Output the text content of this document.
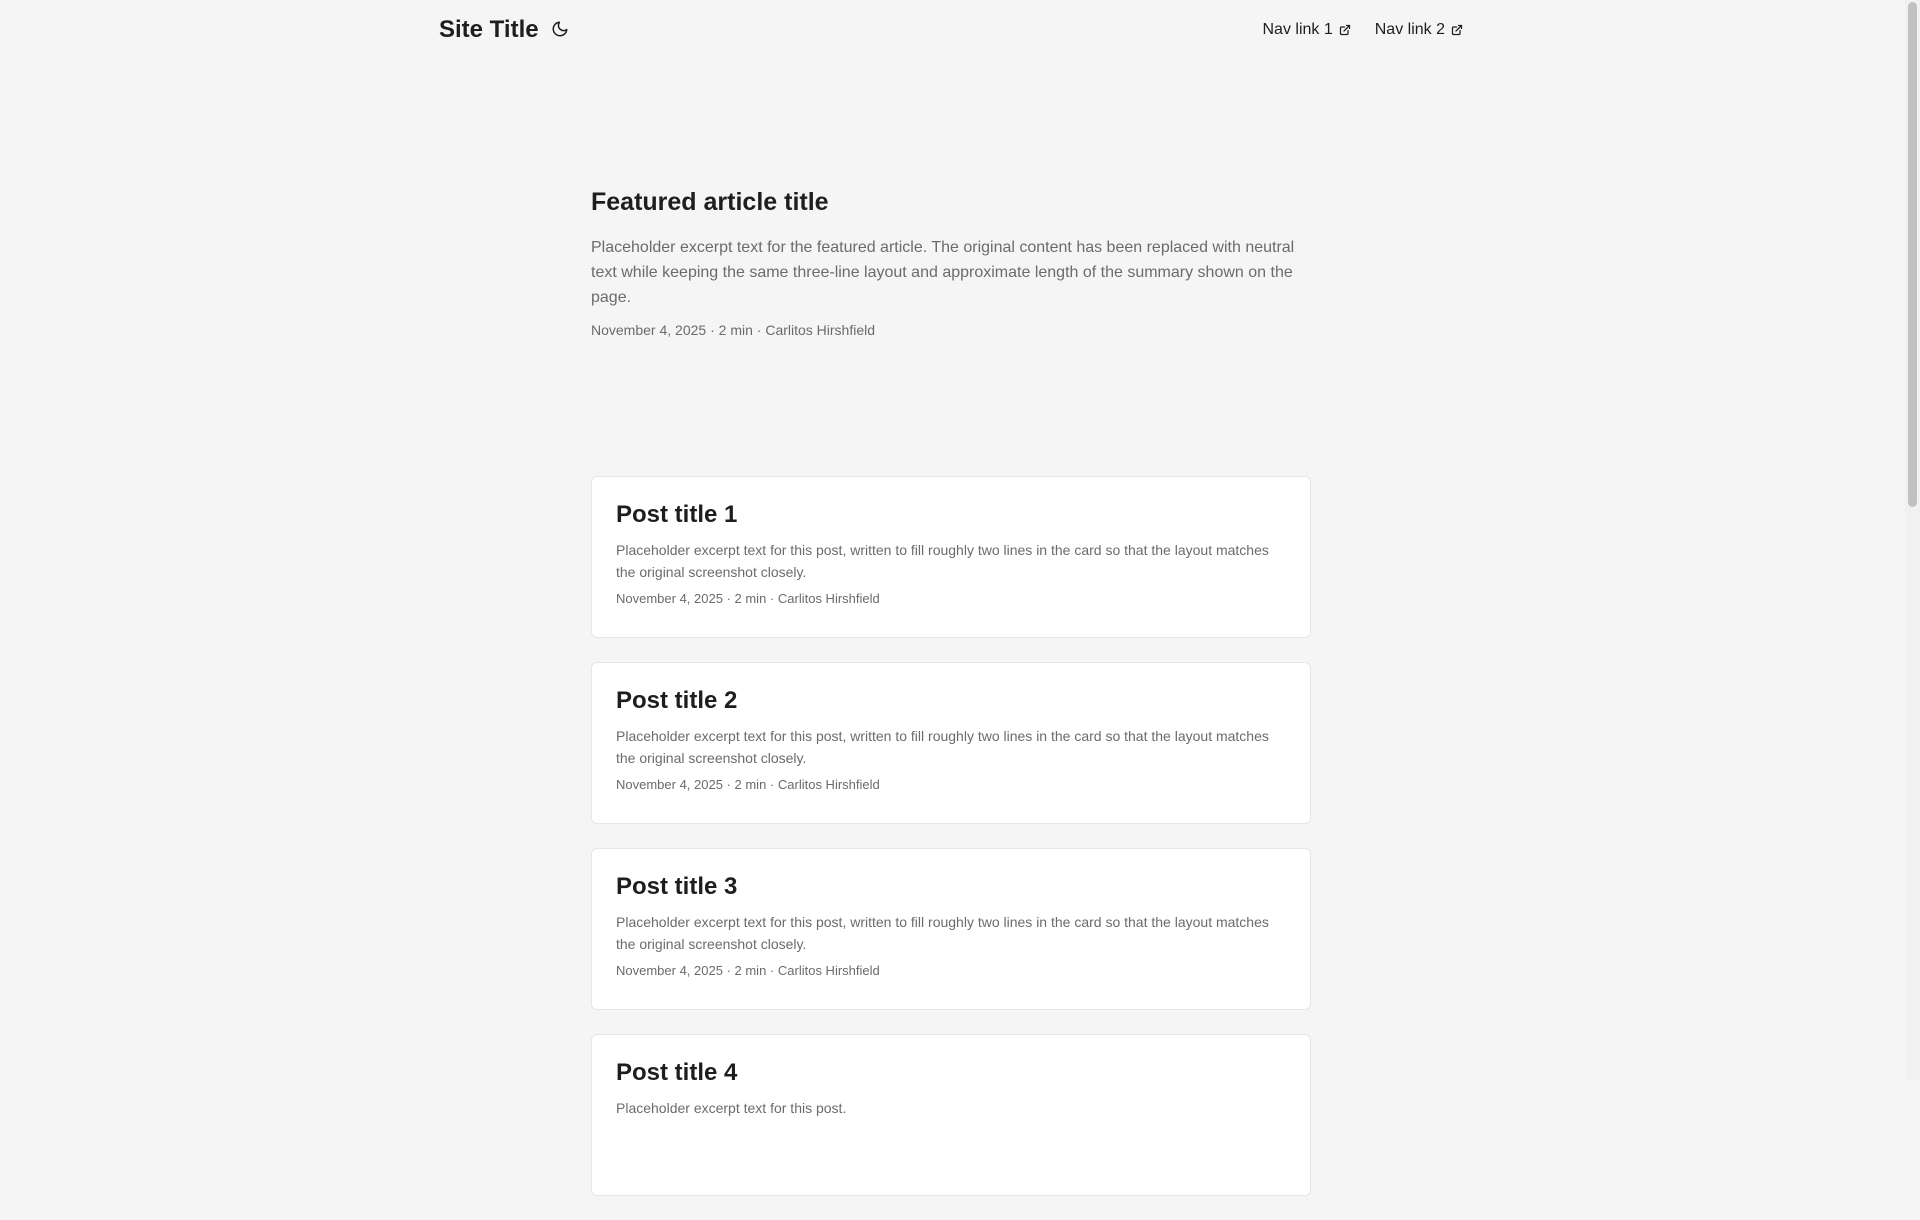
Site Title	Nav link 1	Nav link 2
Featured article title

Placeholder excerpt text for the featured article. The original content has been replaced with neutral text while keeping the same three-line layout and approximate length of the summary shown on the page.

November 4, 2025 · 2 min · Carlitos Hirshfield
Post title 1

Placeholder excerpt text for this post, written to fill roughly two lines in the card so that the layout matches the original screenshot closely.

November 4, 2025 · 2 min · Carlitos Hirshfield
Post title 2

Placeholder excerpt text for this post, written to fill roughly two lines in the card so that the layout matches the original screenshot closely.

November 4, 2025 · 2 min · Carlitos Hirshfield
Post title 3

Placeholder excerpt text for this post, written to fill roughly two lines in the card so that the layout matches the original screenshot closely.

November 4, 2025 · 2 min · Carlitos Hirshfield
Post title 4

Placeholder excerpt text for this post.
